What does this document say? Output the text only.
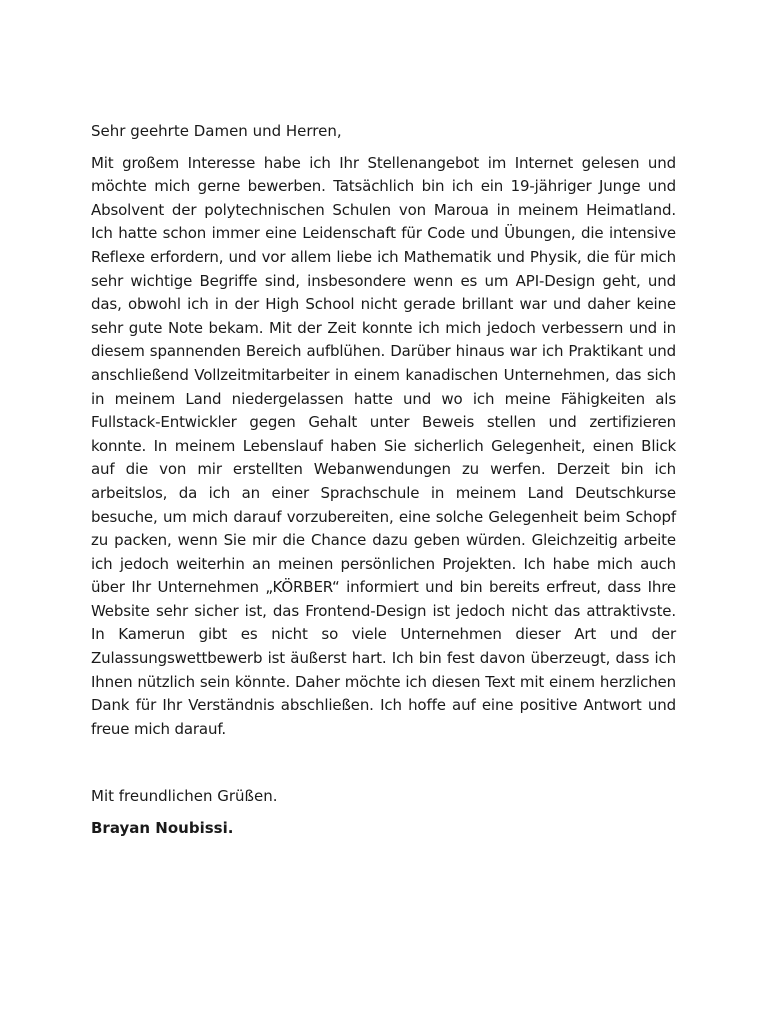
Sehr geehrte Damen und Herren,

Mit großem Interesse habe ich Ihr Stellenangebot im Internet gelesen und möchte mich gerne bewerben. Tatsächlich bin ich ein 19-jähriger Junge und Absolvent der polytechnischen Schulen von Maroua in meinem Heimatland. Ich hatte schon immer eine Leidenschaft für Code und Übungen, die intensive Reflexe erfordern, und vor allem liebe ich Mathematik und Physik, die für mich sehr wichtige Begriffe sind, insbesondere wenn es um API-Design geht, und das, obwohl ich in der High School nicht gerade brillant war und daher keine sehr gute Note bekam. Mit der Zeit konnte ich mich jedoch verbessern und in diesem spannenden Bereich aufblühen. Darüber hinaus war ich Praktikant und anschließend Vollzeitmitarbeiter in einem kanadischen Unternehmen, das sich in meinem Land niedergelassen hatte und wo ich meine Fähigkeiten als Fullstack-Entwickler gegen Gehalt unter Beweis stellen und zertifizieren konnte. In meinem Lebenslauf haben Sie sicherlich Gelegenheit, einen Blick auf die von mir erstellten Webanwendungen zu werfen. Derzeit bin ich arbeitslos, da ich an einer Sprachschule in meinem Land Deutschkurse besuche, um mich darauf vorzubereiten, eine solche Gelegenheit beim Schopf zu packen, wenn Sie mir die Chance dazu geben würden. Gleichzeitig arbeite ich jedoch weiterhin an meinen persönlichen Projekten. Ich habe mich auch über Ihr Unternehmen „KÖRBER“ informiert und bin bereits erfreut, dass Ihre Website sehr sicher ist, das Frontend-Design ist jedoch nicht das attraktivste. In Kamerun gibt es nicht so viele Unternehmen dieser Art und der Zulassungswettbewerb ist äußerst hart. Ich bin fest davon überzeugt, dass ich Ihnen nützlich sein könnte. Daher möchte ich diesen Text mit einem herzlichen Dank für Ihr Verständnis abschließen. Ich hoffe auf eine positive Antwort und freue mich darauf.

Mit freundlichen Grüßen.

Brayan Noubissi.
